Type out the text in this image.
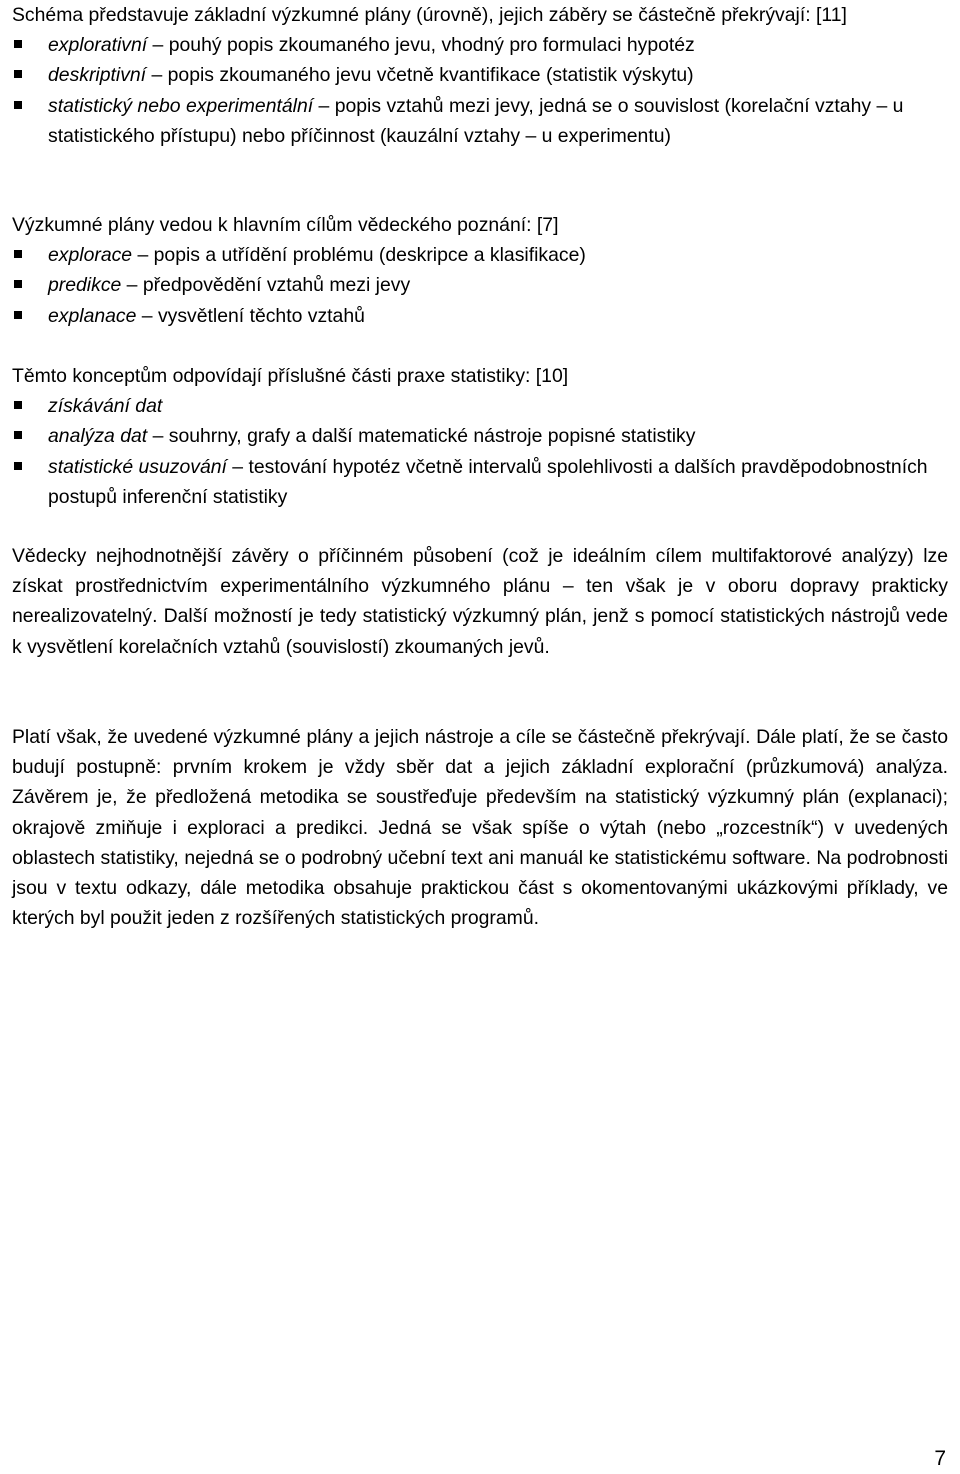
Schéma představuje základní výzkumné plány (úrovně), jejich záběry se částečně překrývají: [11]

explorativní – pouhý popis zkoumaného jevu, vhodný pro formulaci hypotéz
deskriptivní – popis zkoumaného jevu včetně kvantifikace (statistik výskytu)
statistický nebo experimentální – popis vztahů mezi jevy, jedná se o souvislost (korelační vztahy – u statistického přístupu) nebo příčinnost (kauzální vztahy – u experimentu)

Výzkumné plány vedou k hlavním cílům vědeckého poznání: [7]

explorace – popis a utřídění problému (deskripce a klasifikace)
predikce – předpovědění vztahů mezi jevy
explanace – vysvětlení těchto vztahů

Těmto konceptům odpovídají příslušné části praxe statistiky: [10]

získávání dat
analýza dat – souhrny, grafy a další matematické nástroje popisné statistiky
statistické usuzování – testování hypotéz včetně intervalů spolehlivosti a dalších pravděpodobnostních postupů inferenční statistiky

Vědecky nejhodnotnější závěry o příčinném působení (což je ideálním cílem multifaktorové analýzy) lze získat prostřednictvím experimentálního výzkumného plánu – ten však je v oboru dopravy prakticky nerealizovatelný. Další možností je tedy statistický výzkumný plán, jenž s pomocí statistických nástrojů vede k vysvětlení korelačních vztahů (souvislostí) zkoumaných jevů.

Platí však, že uvedené výzkumné plány a jejich nástroje a cíle se částečně překrývají. Dále platí, že se často budují postupně: prvním krokem je vždy sběr dat a jejich základní explorační (průzkumová) analýza. Závěrem je, že předložená metodika se soustřeďuje především na statistický výzkumný plán (explanaci); okrajově zmiňuje i exploraci a predikci. Jedná se však spíše o výtah (nebo „rozcestník“) v uvedených oblastech statistiky, nejedná se o podrobný učební text ani manuál ke statistickému software. Na podrobnosti jsou v textu odkazy, dále metodika obsahuje praktickou část s okomentovanými ukázkovými příklady, ve kterých byl použit jeden z rozšířených statistických programů.

7
